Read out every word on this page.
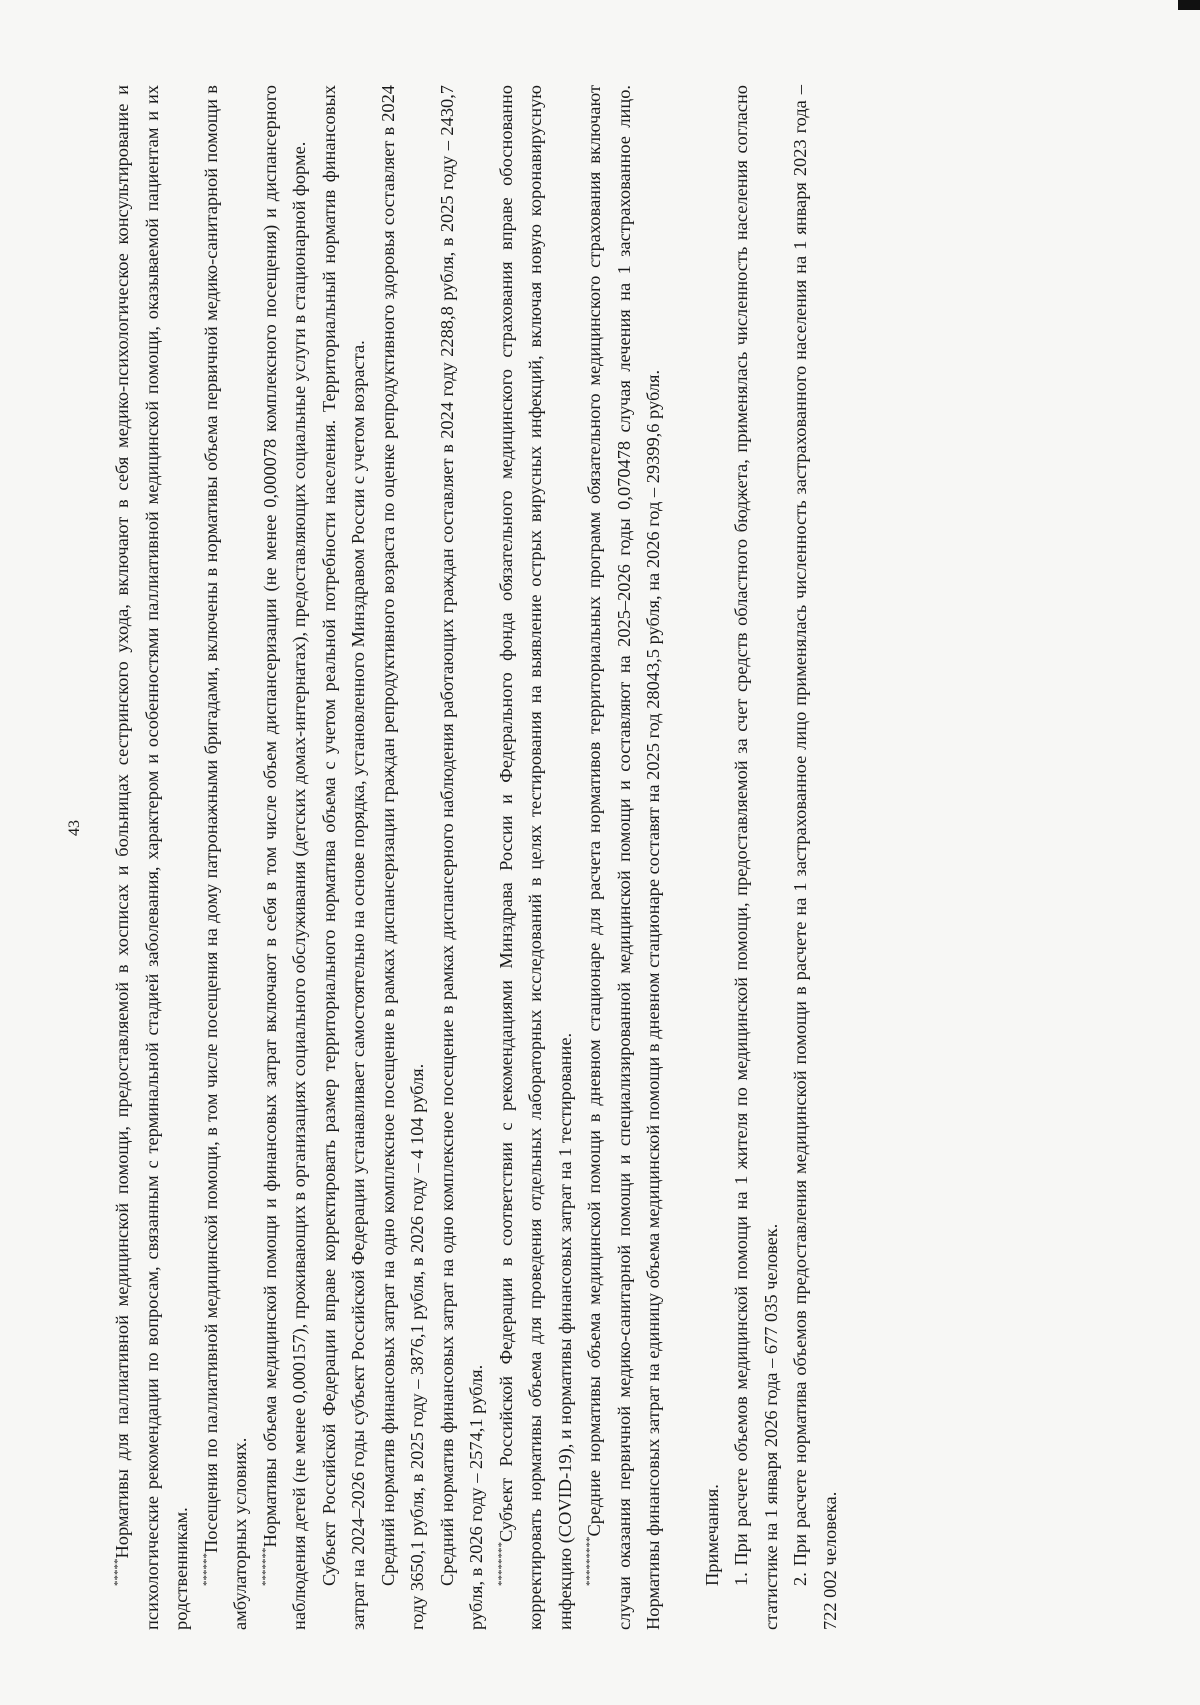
43

*****Нормативы для паллиативной медицинской помощи, предоставляемой в хосписах и больницах сестринского ухода, включают в себя медико-психологическое консультирование и психологические рекомендации по вопросам, связанным с терминальной стадией заболевания, характером и особенностями паллиативной медицинской помощи, оказываемой пациентам и их родственникам. ******Посещения по паллиативной медицинской помощи, в том числе посещения на дому патронажными бригадами, включены в нормативы объема первичной медико-санитарной помощи в амбулаторных условиях. *******Нормативы объема медицинской помощи и финансовых затрат включают в себя в том числе объем диспансеризации (не менее 0,000078 комплексного посещения) и диспансерного наблюдения детей (не менее 0,000157), проживающих в организациях социального обслуживания (детских домах-интернатах), предоставляющих социальные услуги в стационарной форме. Субъект Российской Федерации вправе корректировать размер территориального норматива объема с учетом реальной потребности населения. Территориальный норматив финансовых затрат на 2024–2026 годы субъект Российской Федерации устанавливает самостоятельно на основе порядка, установленного Минздравом России с учетом возраста. Средний норматив финансовых затрат на одно комплексное посещение в рамках диспансеризации граждан репродуктивного возраста по оценке репродуктивного здоровья составляет в 2024 году 3650,1 рубля, в 2025 году – 3876,1 рубля, в 2026 году – 4 104 рубля. Средний норматив финансовых затрат на одно комплексное посещение в рамках диспансерного наблюдения работающих граждан составляет в 2024 году 2288,8 рубля, в 2025 году – 2430,7 рубля, в 2026 году – 2574,1 рубля. ********Субъект Российской Федерации в соответствии с рекомендациями Минздрава России и Федерального фонда обязательного медицинского страхования вправе обоснованно корректировать нормативы объема для проведения отдельных лабораторных исследований в целях тестирования на выявление острых вирусных инфекций, включая новую коронавирусную инфекцию (COVID-19), и нормативы финансовых затрат на 1 тестирование. *********Средние нормативы объема медицинской помощи в дневном стационаре для расчета нормативов территориальных программ обязательного медицинского страхования включают случаи оказания первичной медико-санитарной помощи и специализированной медицинской помощи и составляют на 2025–2026 годы 0,070478 случая лечения на 1 застрахованное лицо. Нормативы финансовых затрат на единицу объема медицинской помощи в дневном стационаре составят на 2025 год 28043,5 рубля, на 2026 год – 29399,6 рубля. Примечания. 1. При расчете объемов медицинской помощи на 1 жителя по медицинской помощи, предоставляемой за счет средств областного бюджета, применялась численность населения согласно статистике на 1 января 2026 года – 677 035 человек. 2. При расчете норматива объемов предоставления медицинской помощи в расчете на 1 застрахованное лицо применялась численность застрахованного населения на 1 января 2023 года – 722 002 человека.
